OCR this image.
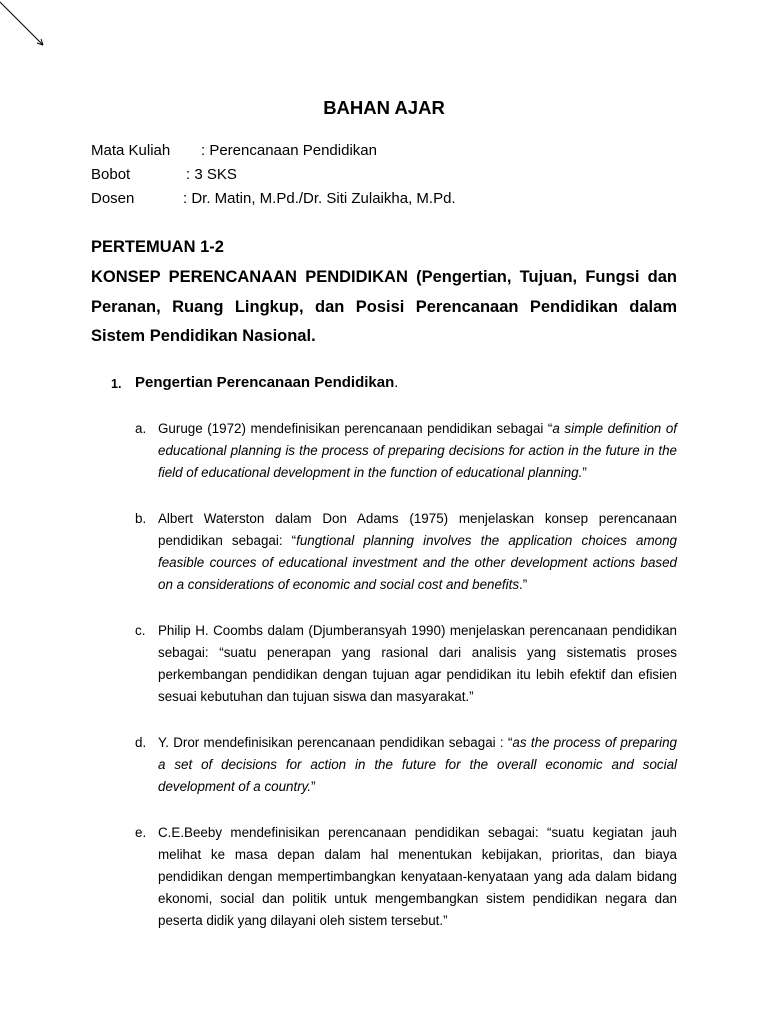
BAHAN AJAR
Mata Kuliah : Perencanaan Pendidikan
Bobot	: 3 SKS
Dosen	: Dr. Matin, M.Pd./Dr. Siti Zulaikha, M.Pd.
PERTEMUAN 1-2
KONSEP PERENCANAAN PENDIDIKAN (Pengertian, Tujuan, Fungsi dan Peranan, Ruang Lingkup, dan Posisi Perencanaan Pendidikan dalam Sistem Pendidikan Nasional.
1. Pengertian Perencanaan Pendidikan.
a. Guruge (1972) mendefinisikan perencanaan pendidikan sebagai “a simple definition of educational planning is the process of preparing decisions for action in the future in the field of educational development in the function of educational planning.”
b. Albert Waterston dalam Don Adams (1975) menjelaskan konsep perencanaan pendidikan sebagai: “fungtional planning involves the application choices among feasible cources of educational investment and the other development actions based on a considerations of economic and social cost and benefits.”
c. Philip H. Coombs dalam (Djumberansyah 1990) menjelaskan perencanaan pendidikan sebagai: “suatu penerapan yang rasional dari analisis yang sistematis proses perkembangan pendidikan dengan tujuan agar pendidikan itu lebih efektif dan efisien sesuai kebutuhan dan tujuan siswa dan masyarakat.”
d. Y. Dror mendefinisikan perencanaan pendidikan sebagai : “as the process of preparing a set of decisions for action in the future for the overall economic and social development of a country.”
e. C.E.Beeby mendefinisikan perencanaan pendidikan sebagai: “suatu kegiatan jauh melihat ke masa depan dalam hal menentukan kebijakan, prioritas, dan biaya pendidikan dengan mempertimbangkan kenyataan-kenyataan yang ada dalam bidang ekonomi, social dan politik untuk mengembangkan sistem pendidikan negara dan peserta didik yang dilayani oleh sistem tersebut.”
